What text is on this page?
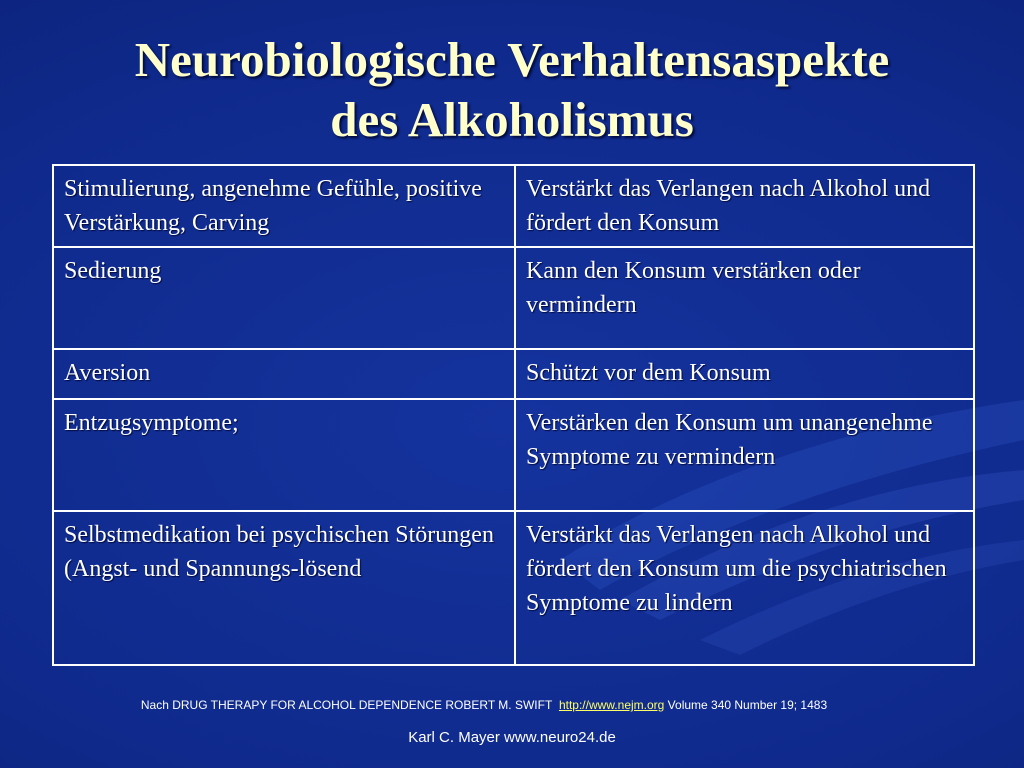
Neurobiologische Verhaltensaspekte
des Alkoholismus
Stimulierung, angenehme Gefühle, positive Verstärkung, Carving	Verstärkt das Verlangen nach Alkohol und fördert den Konsum
Sedierung	Kann den Konsum verstärken oder vermindern
Aversion	Schützt vor dem Konsum
Entzugsymptome;	Verstärken den Konsum um unangenehme Symptome zu vermindern
Selbstmedikation bei psychischen Störungen (Angst- und Spannungs-lösend	Verstärkt das Verlangen nach Alkohol und fördert den Konsum um die psychiatrischen Symptome zu lindern
Nach DRUG THERAPY FOR ALCOHOL DEPENDENCE ROBERT M. SWIFT http://www.nejm.org Volume 340 Number 19; 1483
Karl C. Mayer www.neuro24.de
